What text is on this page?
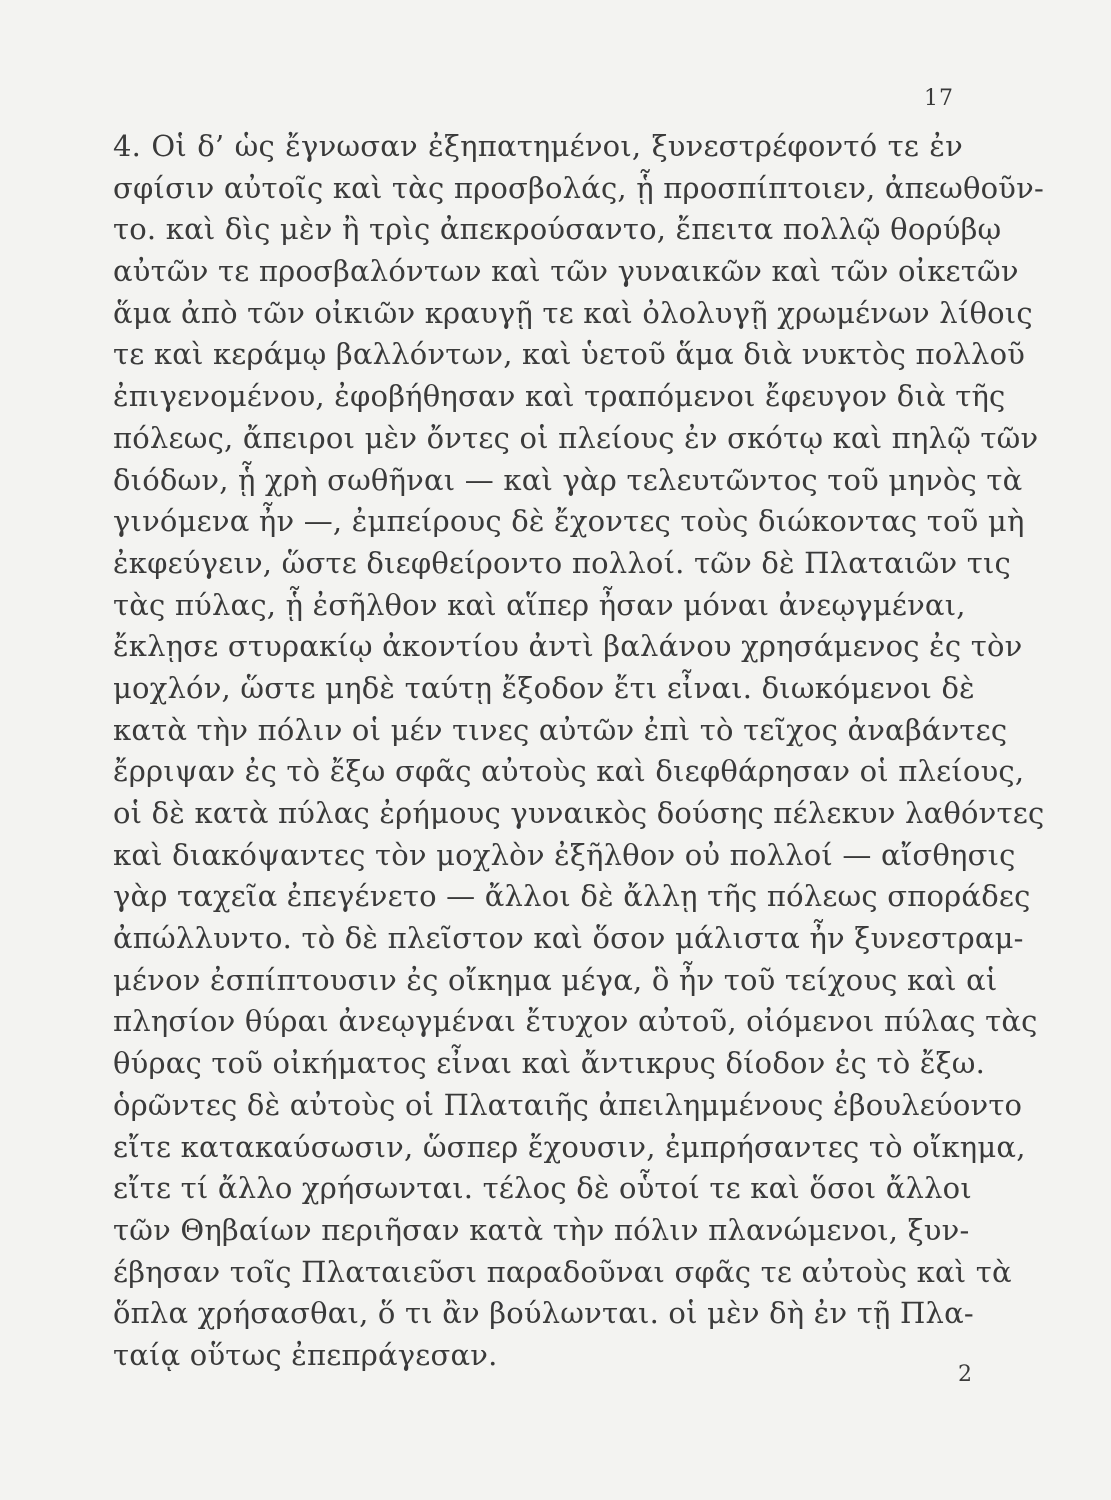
17
4. Οἱ δ’ ὡς ἔγνωσαν ἐξηπατημένοι, ξυνεστρέφοντό τε ἐν
σφίσιν αὐτοῖς καὶ τὰς προσβολάς, ᾗ προσπίπτοιεν, ἀπεωθοῦν-
το. καὶ δὶς μὲν ἢ τρὶς ἀπεκρούσαντο, ἔπειτα πολλῷ θορύβῳ
αὐτῶν τε προσβαλόντων καὶ τῶν γυναικῶν καὶ τῶν οἰκετῶν
ἅμα ἀπὸ τῶν οἰκιῶν κραυγῇ τε καὶ ὀλολυγῇ χρωμένων λίθοις
τε καὶ κεράμῳ βαλλόντων, καὶ ὑετοῦ ἅμα διὰ νυκτὸς πολλοῦ
ἐπιγενομένου, ἐφοβήθησαν καὶ τραπόμενοι ἔφευγον διὰ τῆς
πόλεως, ἄπειροι μὲν ὄντες οἱ πλείους ἐν σκότῳ καὶ πηλῷ τῶν
διόδων, ᾗ χρὴ σωθῆναι — καὶ γὰρ τελευτῶντος τοῦ μηνὸς τὰ
γινόμενα ἦν —, ἐμπείρους δὲ ἔχοντες τοὺς διώκοντας τοῦ μὴ
ἐκφεύγειν, ὥστε διεφθείροντο πολλοί. τῶν δὲ Πλαταιῶν τις
τὰς πύλας, ᾗ ἐσῆλθον καὶ αἵπερ ἦσαν μόναι ἀνεῳγμέναι,
ἔκλῃσε στυρακίῳ ἀκοντίου ἀντὶ βαλάνου χρησάμενος ἐς τὸν
μοχλόν, ὥστε μηδὲ ταύτῃ ἔξοδον ἔτι εἶναι. διωκόμενοι δὲ
κατὰ τὴν πόλιν οἱ μέν τινες αὐτῶν ἐπὶ τὸ τεῖχος ἀναβάντες
ἔρριψαν ἐς τὸ ἔξω σφᾶς αὐτοὺς καὶ διεφθάρησαν οἱ πλείους,
οἱ δὲ κατὰ πύλας ἐρήμους γυναικὸς δούσης πέλεκυν λαθόντες
καὶ διακόψαντες τὸν μοχλὸν ἐξῆλθον οὐ πολλοί — αἴσθησις
γὰρ ταχεῖα ἐπεγένετο — ἄλλοι δὲ ἄλλῃ τῆς πόλεως σποράδες
ἀπώλλυντο. τὸ δὲ πλεῖστον καὶ ὅσον μάλιστα ἦν ξυνεστραμ-
μένον ἐσπίπτουσιν ἐς οἴκημα μέγα, ὃ ἦν τοῦ τείχους καὶ αἱ
πλησίον θύραι ἀνεῳγμέναι ἔτυχον αὐτοῦ, οἰόμενοι πύλας τὰς
θύρας τοῦ οἰκήματος εἶναι καὶ ἄντικρυς δίοδον ἐς τὸ ἔξω.
ὁρῶντες δὲ αὐτοὺς οἱ Πλαταιῆς ἀπειλημμένους ἐβουλεύοντο
εἴτε κατακαύσωσιν, ὥσπερ ἔχουσιν, ἐμπρήσαντες τὸ οἴκημα,
εἴτε τί ἄλλο χρήσωνται. τέλος δὲ οὗτοί τε καὶ ὅσοι ἄλλοι
τῶν Θηβαίων περιῆσαν κατὰ τὴν πόλιν πλανώμενοι, ξυν-
έβησαν τοῖς Πλαταιεῦσι παραδοῦναι σφᾶς τε αὐτοὺς καὶ τὰ
ὅπλα χρήσασθαι, ὅ τι ἂν βούλωνται. οἱ μὲν δὴ ἐν τῇ Πλα-
ταίᾳ οὕτως ἐπεπράγεσαν.
2
